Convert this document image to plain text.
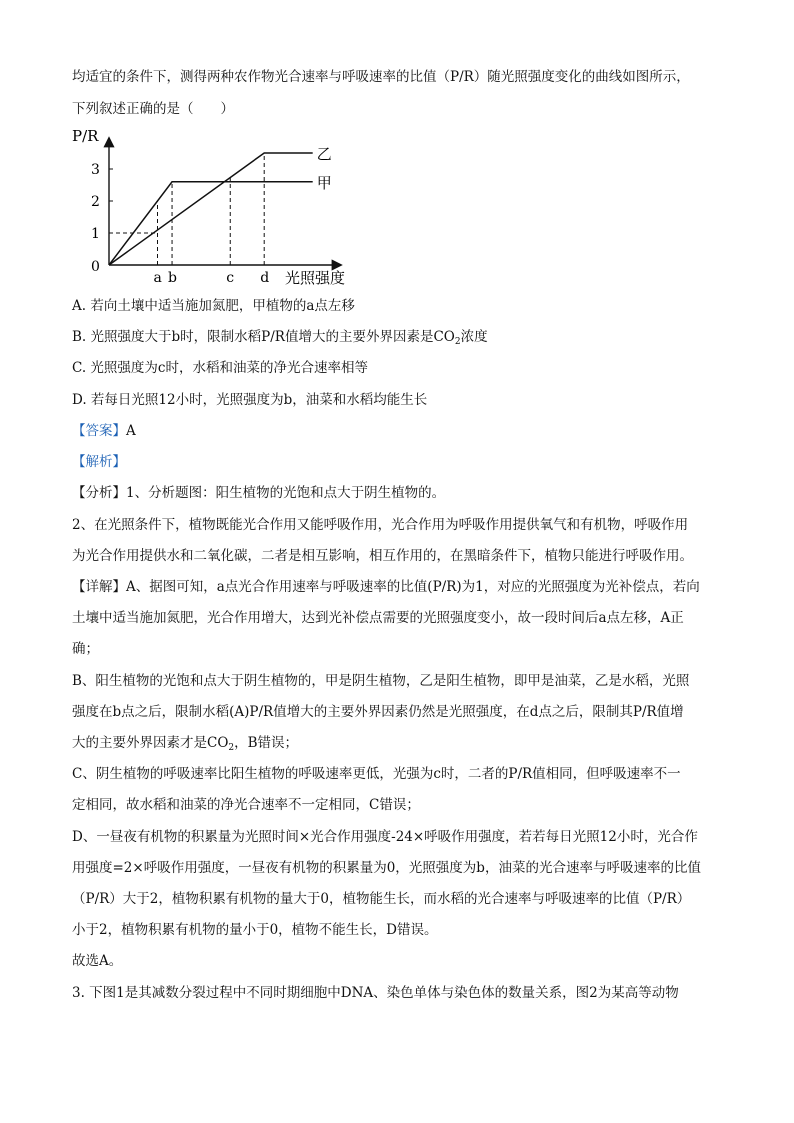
均适宜的条件下，测得两种农作物光合速率与呼吸速率的比值（P/R）随光照强度变化的曲线如图所示，
下列叙述正确的是（　　）
P/R
0
光照强度
1
2
3
a b	c d
乙
甲
A. 若向土壤中适当施加氮肥，甲植物的a点左移
B. 光照强度大于b时，限制水稻P/R值增大的主要外界因素是$CO_2$浓度
C. 光照强度为c时，水稻和油菜的净光合速率相等
D. 若每日光照12小时，光照强度为b，油菜和水稻均能生长
【答案】A
【解析】
【分析】1、分析题图：阳生植物的光饱和点大于阴生植物的。
2、在光照条件下，植物既能光合作用又能呼吸作用，光合作用为呼吸作用提供氧气和有机物，呼吸作用
为光合作用提供水和二氧化碳，二者是相互影响，相互作用的，在黑暗条件下，植物只能进行呼吸作用。
【详解】A、据图可知，a点光合作用速率与呼吸速率的比值(P/R)为1，对应的光照强度为光补偿点，若向
土壤中适当施加氮肥，光合作用增大，达到光补偿点需要的光照强度变小，故一段时间后a点左移，A正
确；
B、阳生植物的光饱和点大于阴生植物的，甲是阴生植物，乙是阳生植物，即甲是油菜，乙是水稻，光照
强度在b点之后，限制水稻(A)P/R值增大的主要外界因素仍然是光照强度，在d点之后，限制其P/R值增
大的主要外界因素才是$CO_2$，B错误；
C、阴生植物的呼吸速率比阳生植物的呼吸速率更低，光强为c时，二者的P/R值相同，但呼吸速率不一
定相同，故水稻和油菜的净光合速率不一定相同，C错误；
D、一昼夜有机物的积累量为光照时间×光合作用强度-24×呼吸作用强度，若若每日光照12小时，光合作
用强度=2×呼吸作用强度，一昼夜有机物的积累量为0，光照强度为b，油菜的光合速率与呼吸速率的比值
（P/R）大于2，植物积累有机物的量大于0，植物能生长，而水稻的光合速率与呼吸速率的比值（P/R）
小于2，植物积累有机物的量小于0，植物不能生长，D错误。
故选A。
3. 下图1是其减数分裂过程中不同时期细胞中DNA、染色单体与染色体的数量关系，图2为某高等动物
